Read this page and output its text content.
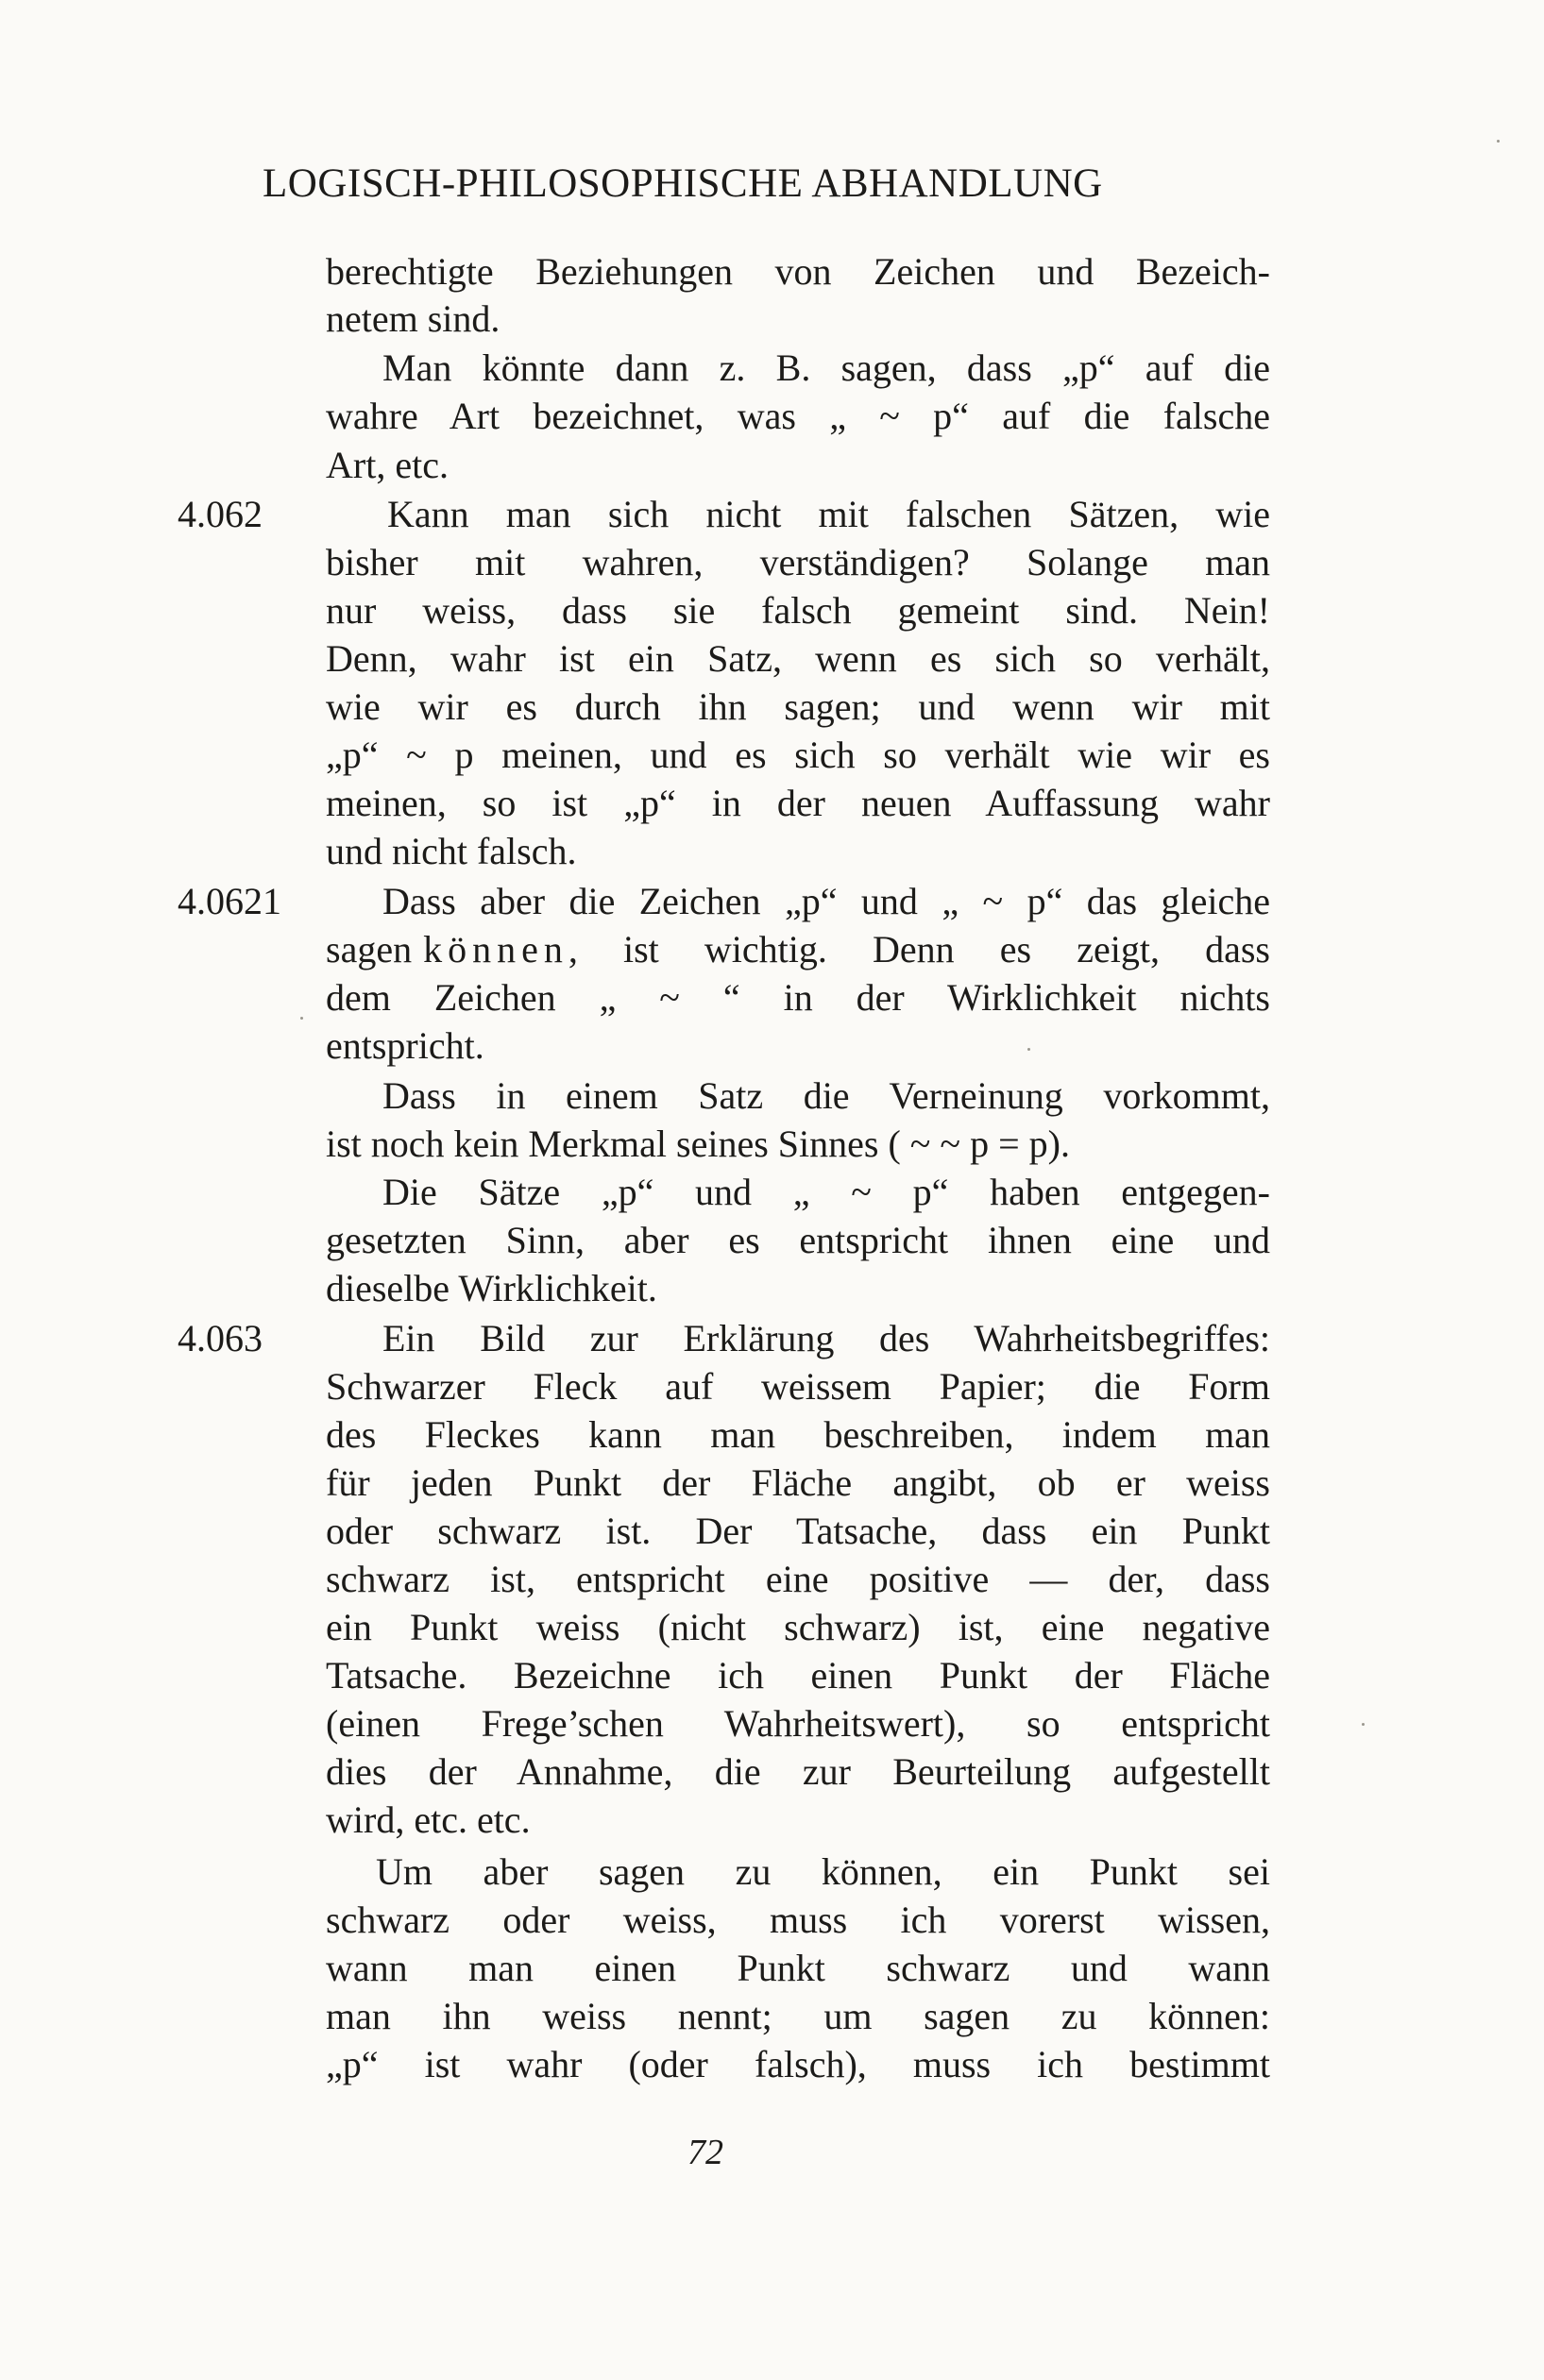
LOGISCH-PHILOSOPHISCHE ABHANDLUNG
berechtigte Beziehungen von Zeichen und Bezeich-
netem sind.
Man könnte dann z. B. sagen, dass „p“ auf die
wahre Art bezeichnet, was „ ~ p“ auf die falsche
Art, etc.
4.062	Kann man sich nicht mit falschen Sätzen, wie
bisher mit wahren, verständigen? Solange man
nur weiss, dass sie falsch gemeint sind. Nein!
Denn, wahr ist ein Satz, wenn es sich so verhält,
wie wir es durch ihn sagen; und wenn wir mit
„p“ ~ p meinen, und es sich so verhält wie wir es
meinen, so ist „p“ in der neuen Auffassung wahr
und nicht falsch.
4.0621	Dass aber die Zeichen „p“ und „ ~ p“ das gleiche
sagen können , ist wichtig. Denn es zeigt, dass
dem Zeichen „ ~ “ in der Wirklichkeit nichts
entspricht.
Dass in einem Satz die Verneinung vorkommt,
ist noch kein Merkmal seines Sinnes ( ~ ~ p = p).
Die Sätze „p“ und „ ~ p“ haben entgegen-
gesetzten Sinn, aber es entspricht ihnen eine und
dieselbe Wirklichkeit.
4.063	Ein Bild zur Erklärung des Wahrheitsbegriffes:
Schwarzer Fleck auf weissem Papier; die Form
des Fleckes kann man beschreiben, indem man
für jeden Punkt der Fläche angibt, ob er weiss
oder schwarz ist. Der Tatsache, dass ein Punkt
schwarz ist, entspricht eine positive — der, dass
ein Punkt weiss (nicht schwarz) ist, eine negative
Tatsache. Bezeichne ich einen Punkt der Fläche
(einen Frege’schen Wahrheitswert), so entspricht
dies der Annahme, die zur Beurteilung aufgestellt
wird, etc. etc.
Um aber sagen zu können, ein Punkt sei
schwarz oder weiss, muss ich vorerst wissen,
wann man einen Punkt schwarz und wann
man ihn weiss nennt; um sagen zu können:
„p“ ist wahr (oder falsch), muss ich bestimmt
72
